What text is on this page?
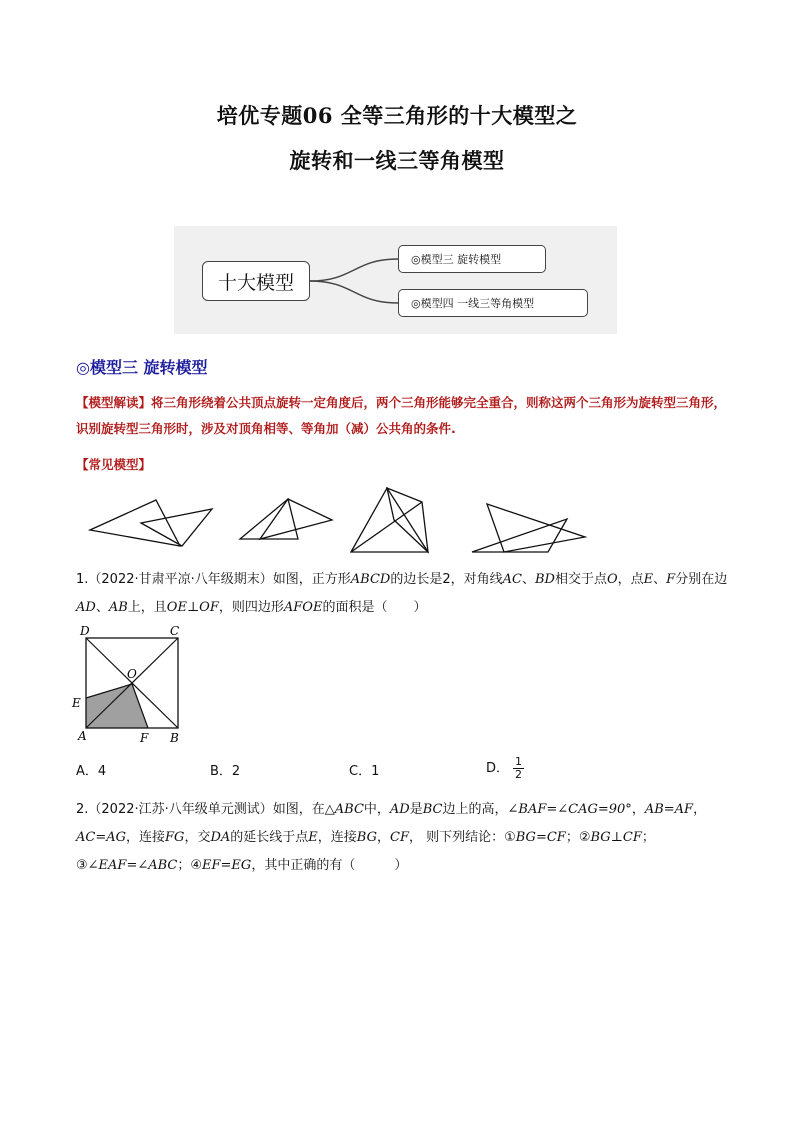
培优专题06 全等三角形的十大模型之
旋转和一线三等角模型
十大模型
◎模型三 旋转模型
◎模型四 一线三等角模型
◎模型三 旋转模型
【模型解读】将三角形绕着公共顶点旋转一定角度后，两个三角形能够完全重合，则称这两个三角形为旋转型三角形，识别旋转型三角形时，涉及对顶角相等、等角加（减）公共角的条件.
【常见模型】
1.（2022·甘肃平凉·八年级期末）如图，正方形ABCD的边长是2，对角线AC、BD相交于点O，点E、F分别在边AD、AB上，且OE⊥OF，则四边形AFOE的面积是（　　）
D	C
O
E
A	F B
A．4	B．2	C．1	D． $\frac{1}{2}$
2.（2022·江苏·八年级单元测试）如图，在△ABC中，AD是BC边上的高，∠BAF=∠CAG=90°，AB=AF，AC=AG，连接FG，交DA的延长线于点E，连接BG，CF， 则下列结论：①BG=CF；②BG⊥CF；③∠EAF=∠ABC；④EF=EG，其中正确的有（　　　）
